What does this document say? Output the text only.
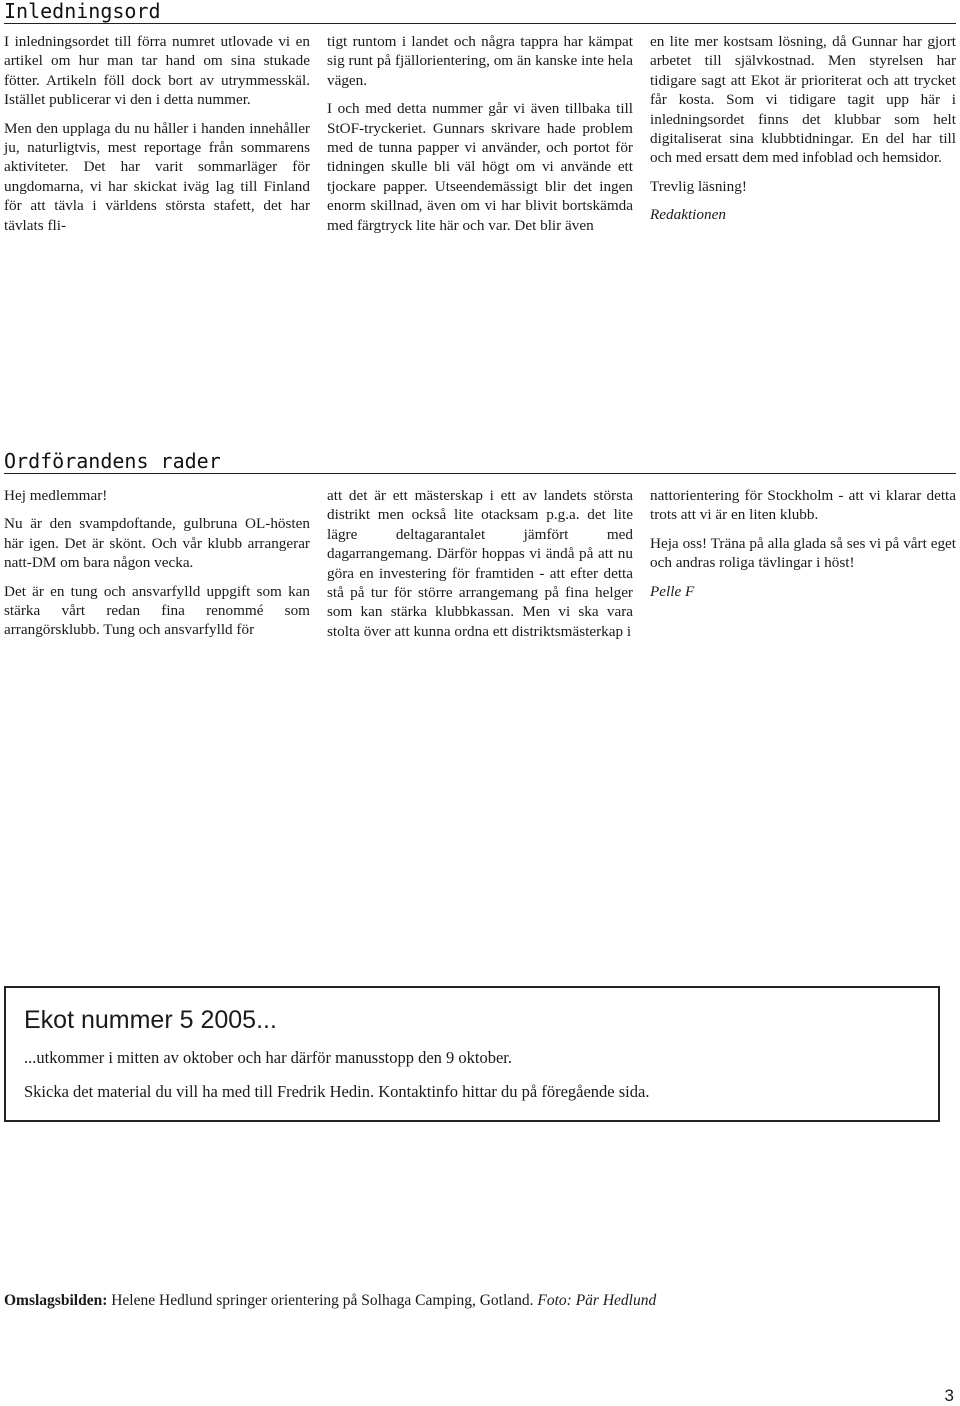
Inledningsord

I inledningsordet till förra numret utlovade vi en artikel om hur man tar hand om sina stukade fötter. Artikeln föll dock bort av utrymmesskäl. Istället publicerar vi den i detta nummer.

Men den upplaga du nu håller i handen innehåller ju, naturligtvis, mest reportage från sommarens aktiviteter. Det har varit sommarläger för ungdomarna, vi har skickat iväg lag till Finland för att tävla i världens största stafett, det har tävlats fli-

tigt runtom i landet och några tappra har kämpat sig runt på fjällorientering, om än kanske inte hela vägen.

I och med detta nummer går vi även tillbaka till StOF-tryckeriet. Gunnars skrivare hade problem med de tunna papper vi använder, och portot för tidningen skulle bli väl högt om vi använde ett tjockare papper. Utseendemässigt blir det ingen enorm skillnad, även om vi har blivit bortskämda med färgtryck lite här och var. Det blir även

en lite mer kostsam lösning, då Gunnar har gjort arbetet till självkostnad. Men styrelsen har tidigare sagt att Ekot är prioriterat och att trycket får kosta. Som vi tidigare tagit upp här i inledningsordet finns det klubbar som helt digitaliserat sina klubbtidningar. En del har till och med ersatt dem med infoblad och hemsidor.

Trevlig läsning!

Redaktionen

Ordförandens rader

Hej medlemmar!

Nu är den svampdoftande, gulbruna OL-hösten här igen. Det är skönt. Och vår klubb arrangerar natt-DM om bara någon vecka.

Det är en tung och ansvarfylld uppgift som kan stärka vårt redan fina renommé som arrangörsklubb. Tung och ansvarfylld för

att det är ett mästerskap i ett av landets största distrikt men också lite otacksam p.g.a. det lite lägre deltagarantalet jämfört med dagarrangemang. Därför hoppas vi ändå på att nu göra en investering för framtiden - att efter detta stå på tur för större arrangemang på fina helger som kan stärka klubbkassan. Men vi ska vara stolta över att kunna ordna ett distriktsmästerkap i

nattorientering för Stockholm - att vi klarar detta trots att vi är en liten klubb.

Heja oss! Träna på alla glada så ses vi på vårt eget och andras roliga tävlingar i höst!

Pelle F

Ekot nummer 5 2005...
...utkommer i mitten av oktober och har därför manusstopp den 9 oktober.
Skicka det material du vill ha med till Fredrik Hedin. Kontaktinfo hittar du på föregående sida.
Omslagsbilden: Helene Hedlund springer orientering på Solhaga Camping, Gotland. Foto: Pär Hedlund
3
